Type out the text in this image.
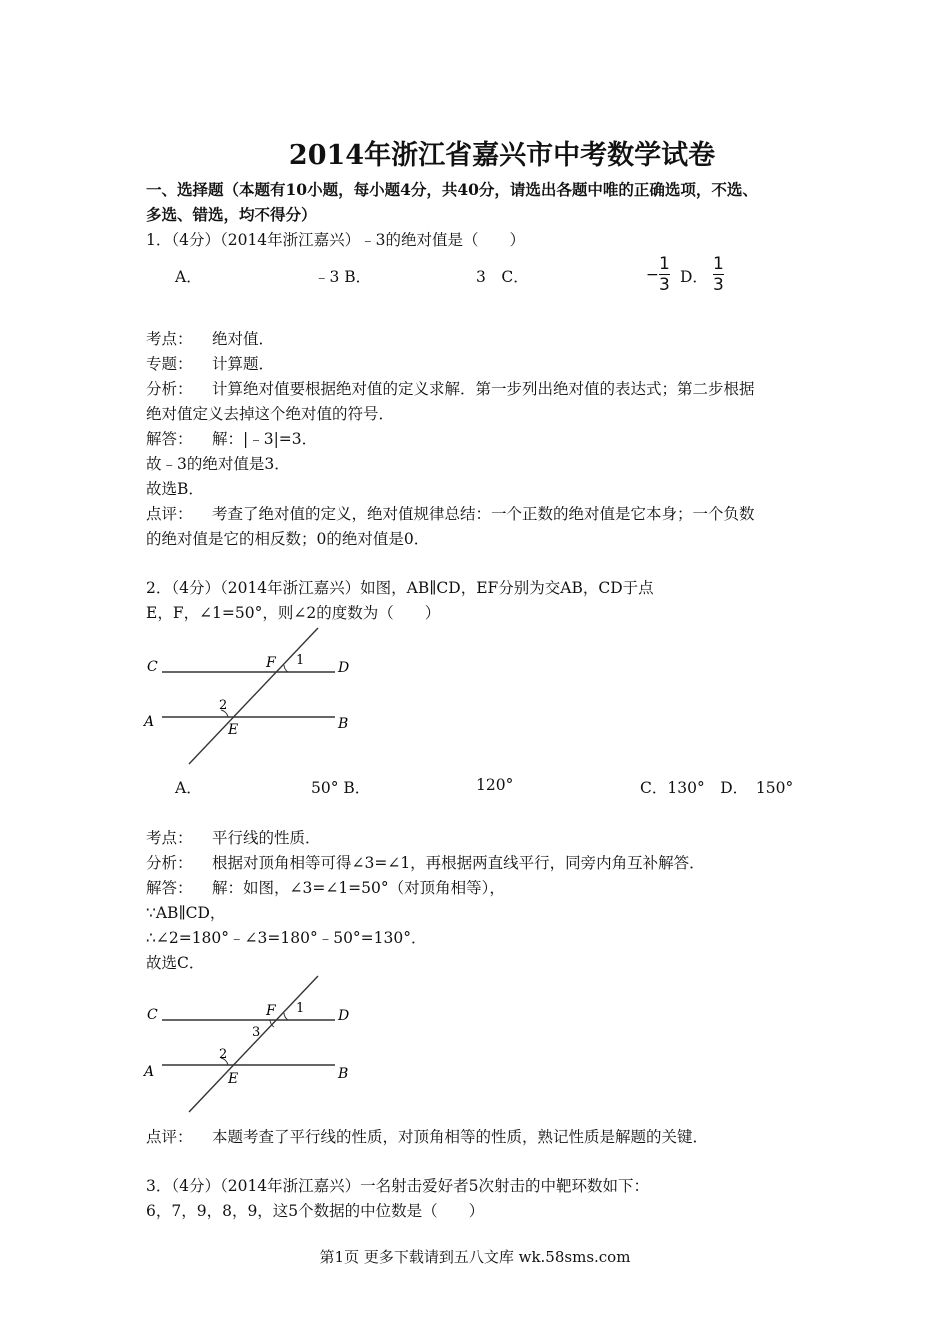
2014年浙江省嘉兴市中考数学试卷
一、选择题（本题有10小题，每小题4分，共40分，请选出各题中唯的正确选项，不选、
多选、错选，均不得分）
1．（4分）（2014年浙江嘉兴）﹣3的绝对值是（　　）
A．	﹣3 B．	3　C．	$-\frac{1}{3}$ D． $\frac{1}{3}$
考点： 绝对值．
专题： 计算题．
分析： 计算绝对值要根据绝对值的定义求解．第一步列出绝对值的表达式；第二步根据
绝对值定义去掉这个绝对值的符号．
解答： 解：|﹣3|=3．
故﹣3的绝对值是3．
故选B．
点评： 考查了绝对值的定义，绝对值规律总结：一个正数的绝对值是它本身；一个负数
的绝对值是它的相反数；0的绝对值是0．
2．（4分）（2014年浙江嘉兴）如图，AB∥CD，EF分别为交AB，CD于点
E，F，∠1=50°，则∠2的度数为（　　）
C	D
A	B
F
E
1
2
A．	50° B．	120°	C．130°　D．　150°
考点： 平行线的性质．
分析： 根据对顶角相等可得∠3=∠1，再根据两直线平行，同旁内角互补解答．
解答： 解：如图，∠3=∠1=50°（对顶角相等），
∵AB∥CD，
∴∠2=180°﹣∠3=180°﹣50°=130°．
故选C．
C	D
A	B
F
E
1
3
2
点评： 本题考查了平行线的性质，对顶角相等的性质，熟记性质是解题的关键．
3．（4分）（2014年浙江嘉兴）一名射击爱好者5次射击的中靶环数如下：
6，7，9，8，9，这5个数据的中位数是（　　）
第1页 更多下载请到五八文库 wk.58sms.com
